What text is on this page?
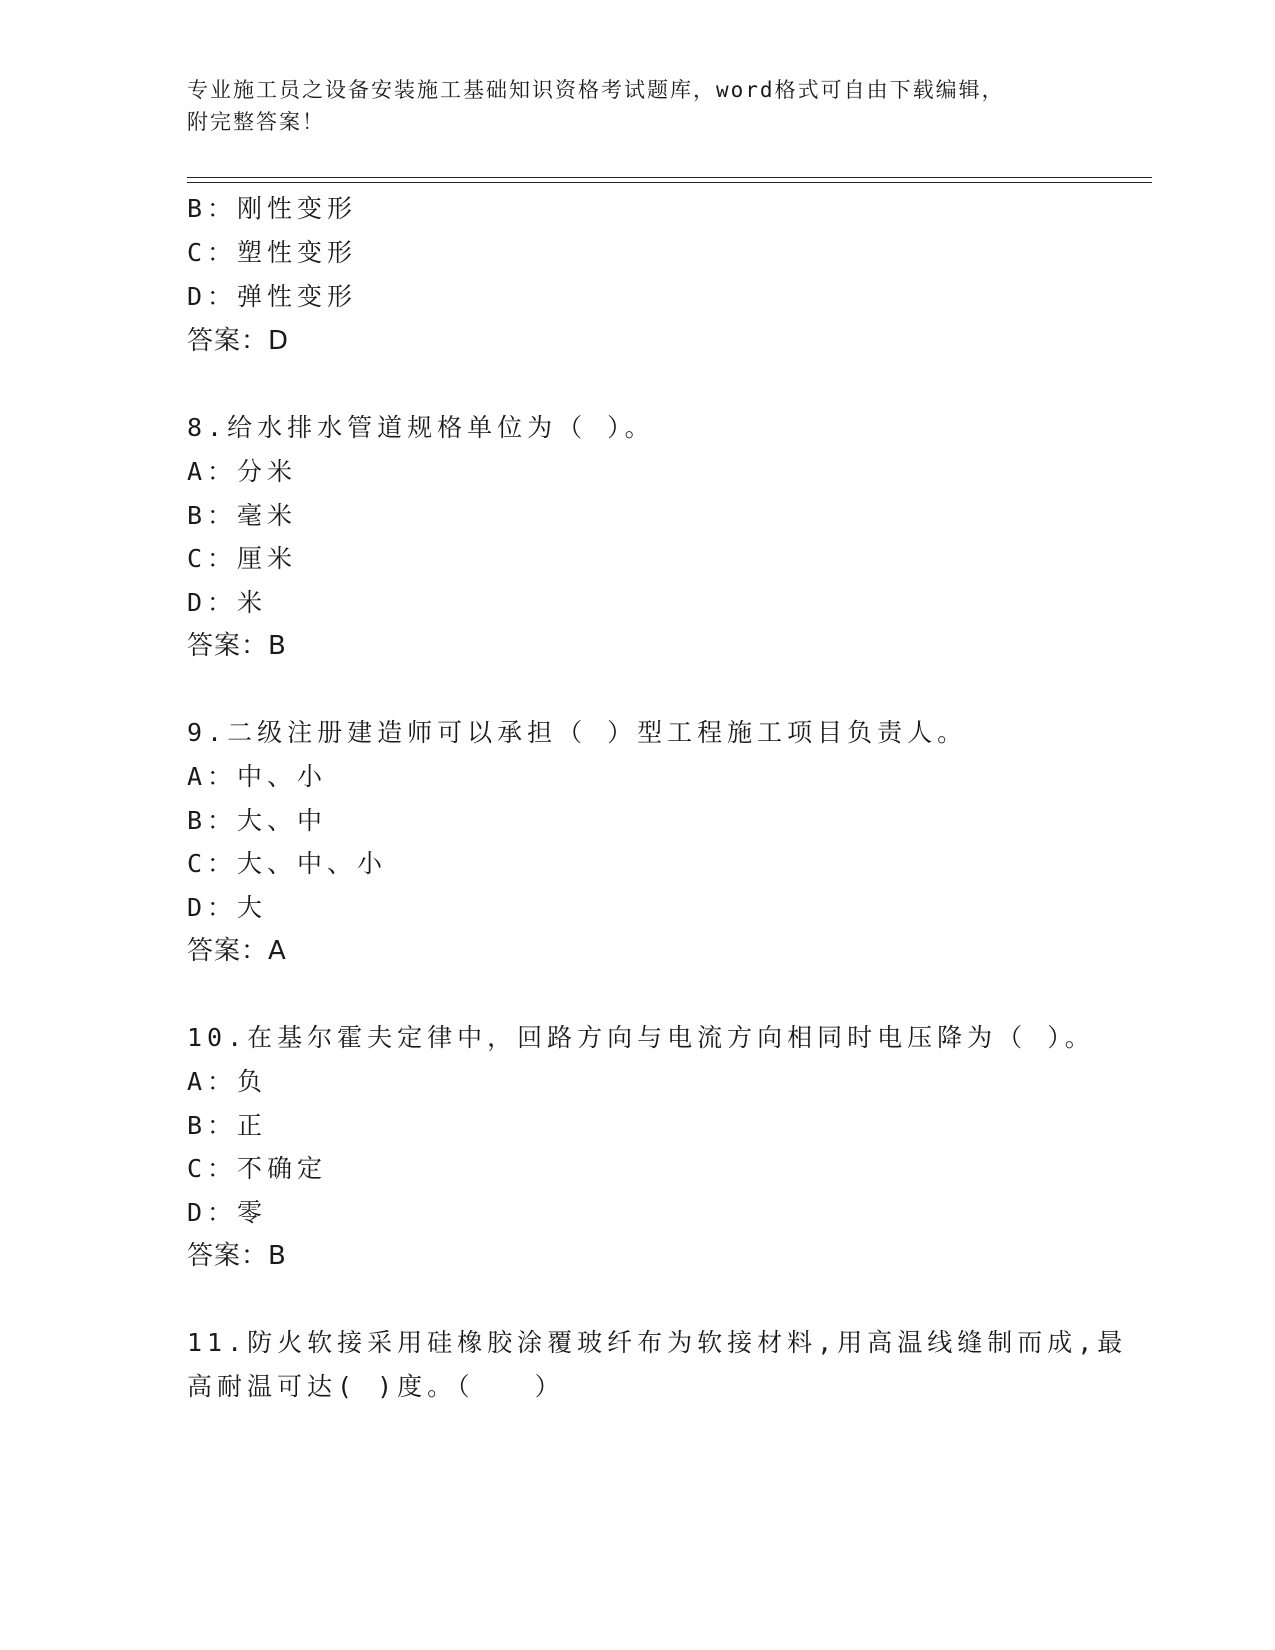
专业施工员之设备安装施工基础知识资格考试题库，word格式可自由下载编辑，
附完整答案！
B：刚性变形
C：塑性变形
D：弹性变形
答案：D
8.给水排水管道规格单位为（ ）。
A：分米
B：毫米
C：厘米
D：米
答案：B
9.二级注册建造师可以承担（ ）型工程施工项目负责人。
A：中、小
B：大、中
C：大、中、小
D：大
答案：A
10.在基尔霍夫定律中，回路方向与电流方向相同时电压降为（ ）。
A：负
B：正
C：不确定
D：零
答案：B
11.防火软接采用硅橡胶涂覆玻纤布为软接材料,用高温线缝制而成,最
高耐温可达( )度。（　　）
